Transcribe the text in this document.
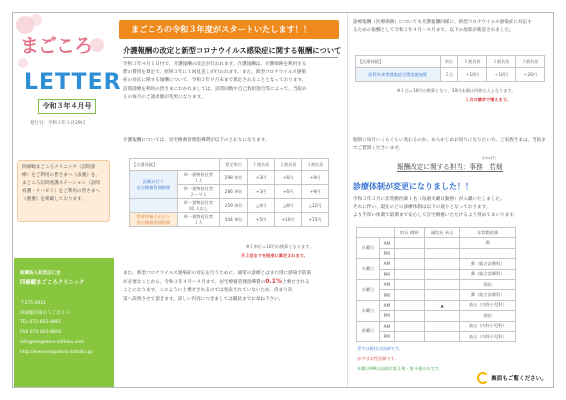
まごころ
LETTER
令和３年４月号
発行日：令和３年３月29日
四條畷まごころクリニック（訪問診
療）をご利用の皆さまへ《表裏》を、
まごころ訪問看護ステーション（訪問
看護・リハビリ）をご利用の皆さまへ
《裏裏》を掲載しております。
医療法人社団正仁会
四條畷まごころクリニック
〒575-0011
四條畷市岡山５丁目３-１
TEL 072-803-8891
FAX 072-803-8892
info@magokoro-zaitaku.com
http://www.magokoro-zaitaku.jp/
まごころの令和３年度がスタートいたします！！
介護報酬の改定と新型コロナウイルス感染症に関する報酬について
令和３年４月１日付で、介護報酬の改定が行われます。介護報酬は、介護保険を利用する
際の費用を算定で、原則３年に１回見直しが行われます。また、新型コロナウイルス感染
症の対応に関する報酬について、令和３年９月末まで算定されることとなっております。
訪問診療を利用の皆さまにおかれましては、訪問回数や自己負担割合等によって、当院か
らの毎月のご請求額が変更になります。
介護報酬については、居宅療養管理指導費が以下のとおりになります。
【介護保険】		算定単位	１割負担	２割負担	３割負担
医師が行う
居宅療養管理指導	単一建物居住者
１人	298 単位	+3円	+6円	+9円
	単一建物居住者
２〜９人	286 単位	+3円	+6円	+9円
	単一建物居住者
10 人以上	259 単位	△4円	△8円	△12円
管理栄養士が行う
居宅療養管理指導	単一建物居住者
１人	544 単位	+5円	+10円	+15円
※１単位＝10円の換算となります。
月２回までを限度に算定されます。
また、新型コロナウイルス感染症の対応を行うために、通常の診療とはまた別に感染予防策
が必要なことから、令和３年４月〜９月まで、居宅療養管理指導費の0.1%上乗せされる
ことになります。このように上乗せされるのでは発表されていないため、決まり次
第へ説明させて頂きます。詳しい内容につきましては職員までお尋ね下さい。
診療報酬（医療保険）についても介護報酬同様に、新型コロナウイルス感染症に対応す
るための報酬として令和３年４月〜９月まで、以下の加算が新設されました。
【医療保険】	単位	１割負担	２割負担	３割負担
医科外来等感染症対策実施加算	５点	＋10円	＋10円	＋20円
※１点＝10円の換算となり、10円未満は四捨五入となります。
１月の請求で増えます。
個別に毎月いくらぐらい変わるのか、あらかじめお知りになりたい方、ご家族さまは、当院ま
でご質問くださいませ。
報酬改定に関する担当：事務　若畑
わかはた
診療体制が変更になりました！！
令和３年３月に非常勤医師１名（毎週火曜日勤務）が入職いたしました。
それに伴い、現在のどの診療体制は以下の通りとなっております。
より手厚い体制で最期まで安心して在宅療養いただけるよう努めてまいります。
		院長 梅野	副院長 米山	非常勤医師
月曜日	AM			郵
	PM			
火曜日	AM			郵（総合診療科）
	PM			郵（総合診療科）
水曜日	AM			岡田
	PM			郵（総合診療科）
木曜日	AM		▲	高山（内科小児科）
	PM			岡田
金曜日	AM			高山（内科小児科）
	PM			高山（内科小児科）
青字は新任の医師です。
赤字は女性医師です。
木曜日AMの医師は第２週・第４週のみです。
裏面もご覧ください。
